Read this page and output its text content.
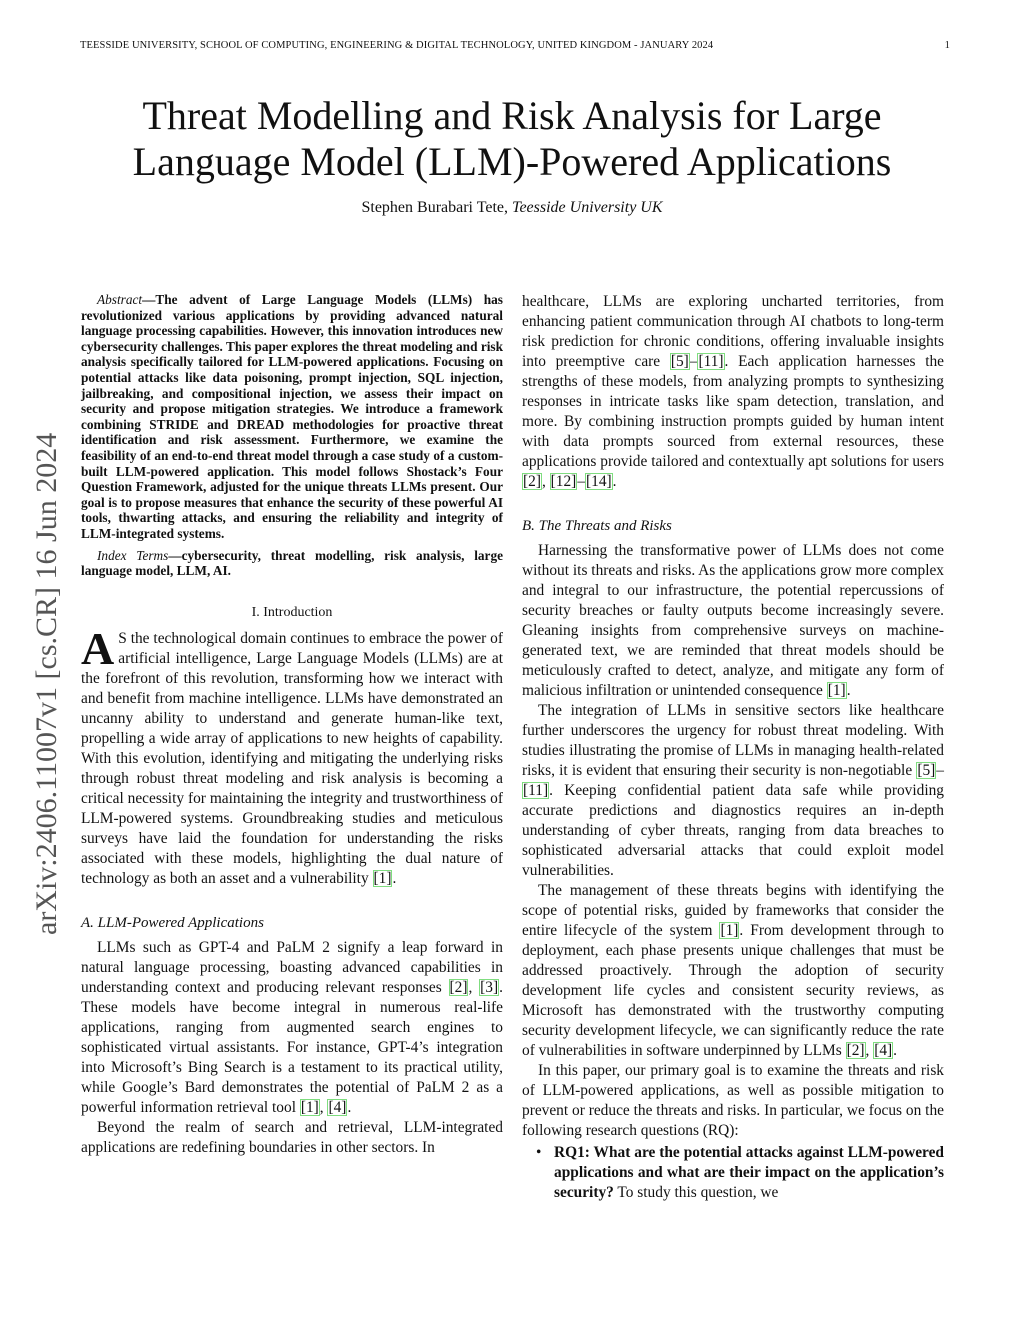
TEESSIDE UNIVERSITY, SCHOOL OF COMPUTING, ENGINEERING & DIGITAL TECHNOLOGY, UNITED KINGDOM - JANUARY 2024	1
Threat Modelling and Risk Analysis for Large
Language Model (LLM)-Powered Applications
Stephen Burabari Tete, Teesside University UK
arXiv:2406.11007v1 [cs.CR] 16 Jun 2024

Abstract—The advent of Large Language Models (LLMs) has revolutionized various applications by providing advanced natural language processing capabilities. However, this innovation introduces new cybersecurity challenges. This paper explores the threat modeling and risk analysis specifically tailored for LLM-powered applications. Focusing on potential attacks like data poisoning, prompt injection, SQL injection, jailbreaking, and compositional injection, we assess their impact on security and propose mitigation strategies. We introduce a framework combining STRIDE and DREAD methodologies for proactive threat identification and risk assessment. Furthermore, we examine the feasibility of an end-to-end threat model through a case study of a custom-built LLM-powered application. This model follows Shostack’s Four Question Framework, adjusted for the unique threats LLMs present. Our goal is to propose measures that enhance the security of these powerful AI tools, thwarting attacks, and ensuring the reliability and integrity of LLM-integrated systems.

Index Terms—cybersecurity, threat modelling, risk analysis, large language model, LLM, AI.

I. Introduction

A S the technological domain continues to embrace the power of artificial intelligence, Large Language Models (LLMs) are at the forefront of this revolution, transforming how we interact with and benefit from machine intelligence. LLMs have demonstrated an uncanny ability to understand and generate human-like text, propelling a wide array of applications to new heights of capability. With this evolution, identifying and mitigating the underlying risks through robust threat modeling and risk analysis is becoming a critical necessity for maintaining the integrity and trustworthiness of LLM-powered systems. Groundbreaking studies and meticulous surveys have laid the foundation for understanding the risks associated with these models, highlighting the dual nature of technology as both an asset and a vulnerability [1].

A. LLM-Powered Applications

LLMs such as GPT-4 and PaLM 2 signify a leap forward in natural language processing, boasting advanced capabilities in understanding context and producing relevant responses [2], [3]. These models have become integral in numerous real-life applications, ranging from augmented search engines to sophisticated virtual assistants. For instance, GPT-4’s integration into Microsoft’s Bing Search is a testament to its practical utility, while Google’s Bard demonstrates the potential of PaLM 2 as a powerful information retrieval tool [1], [4].

Beyond the realm of search and retrieval, LLM-integrated applications are redefining boundaries in other sectors. In

healthcare, LLMs are exploring uncharted territories, from enhancing patient communication through AI chatbots to long-term risk prediction for chronic conditions, offering invaluable insights into preemptive care [5]–[11]. Each application harnesses the strengths of these models, from analyzing prompts to synthesizing responses in intricate tasks like spam detection, translation, and more. By combining instruction prompts guided by human intent with data prompts sourced from external resources, these applications provide tailored and contextually apt solutions for users [2], [12]–[14].

B. The Threats and Risks

Harnessing the transformative power of LLMs does not come without its threats and risks. As the applications grow more complex and integral to our infrastructure, the potential repercussions of security breaches or faulty outputs become increasingly severe. Gleaning insights from comprehensive surveys on machine-generated text, we are reminded that threat models should be meticulously crafted to detect, analyze, and mitigate any form of malicious infiltration or unintended consequence [1].

The integration of LLMs in sensitive sectors like healthcare further underscores the urgency for robust threat modeling. With studies illustrating the promise of LLMs in managing health-related risks, it is evident that ensuring their security is non-negotiable [5]–[11]. Keeping confidential patient data safe while providing accurate predictions and diagnostics requires an in-depth understanding of cyber threats, ranging from data breaches to sophisticated adversarial attacks that could exploit model vulnerabilities.

The management of these threats begins with identifying the scope of potential risks, guided by frameworks that consider the entire lifecycle of the system [1]. From development through to deployment, each phase presents unique challenges that must be addressed proactively. Through the adoption of security development life cycles and consistent security reviews, as Microsoft has demonstrated with the trustworthy computing security development lifecycle, we can significantly reduce the rate of vulnerabilities in software underpinned by LLMs [2], [4].

In this paper, our primary goal is to examine the threats and risk of LLM-powered applications, as well as possible mitigation to prevent or reduce the threats and risks. In particular, we focus on the following research questions (RQ):

• RQ1: What are the potential attacks against LLM-powered applications and what are their impact on the application’s security? To study this question, we
